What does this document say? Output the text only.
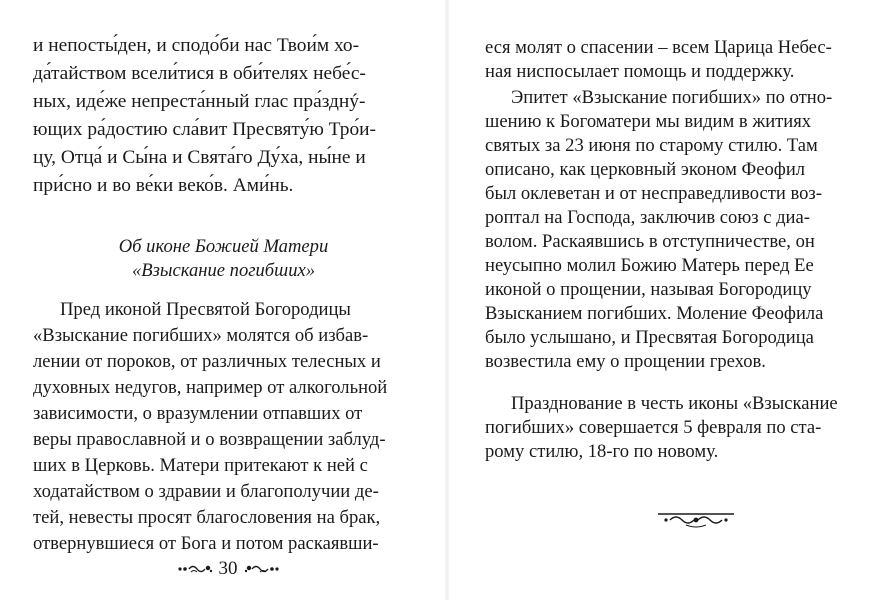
и непосты́ден, и сподо́би нас Твои́м хо-
да́тайством всели́тися в оби́телях небе́с-
ных, иде́же непреста́нный глас пра́зднý-
ющих ра́достию сла́вит Пресвяту́ю Тро́и-
цу, Отца́ и Сы́на и Свята́го Ду́ха, ны́не и
при́сно и во ве́ки веко́в. Ами́нь.
Об иконе Божией Матери
«Взыскание погибших»
Пред иконой Пресвятой Богородицы
«Взыскание погибших» молятся об избав-
лении от пороков, от различных телесных и
духовных недугов, например от алкогольной
зависимости, о вразумлении отпавших от
веры православной и о возвращении заблуд-
ших в Церковь. Матери притекают к ней с
ходатайством о здравии и благополучии де-
тей, невесты просят благословения на брак,
отвернувшиеся от Бога и потом раскаявши-
30
еся молят о спасении – всем Царица Небес-
ная ниспосылает помощь и поддержку.
Эпитет «Взыскание погибших» по отно-
шению к Богоматери мы видим в житиях
святых за 23 июня по старому стилю. Там
описано, как церковный эконом Феофил
был оклеветан и от несправедливости воз-
роптал на Господа, заключив союз с диа-
волом. Раскаявшись в отступничестве, он
неусыпно молил Божию Матерь перед Ее
иконой о прощении, называя Богородицу
Взысканием погибших. Моление Феофила
было услышано, и Пресвятая Богородица
возвестила ему о прощении грехов.
Празднование в честь иконы «Взыскание
погибших» совершается 5 февраля по ста-
рому стилю, 18-го по новому.
